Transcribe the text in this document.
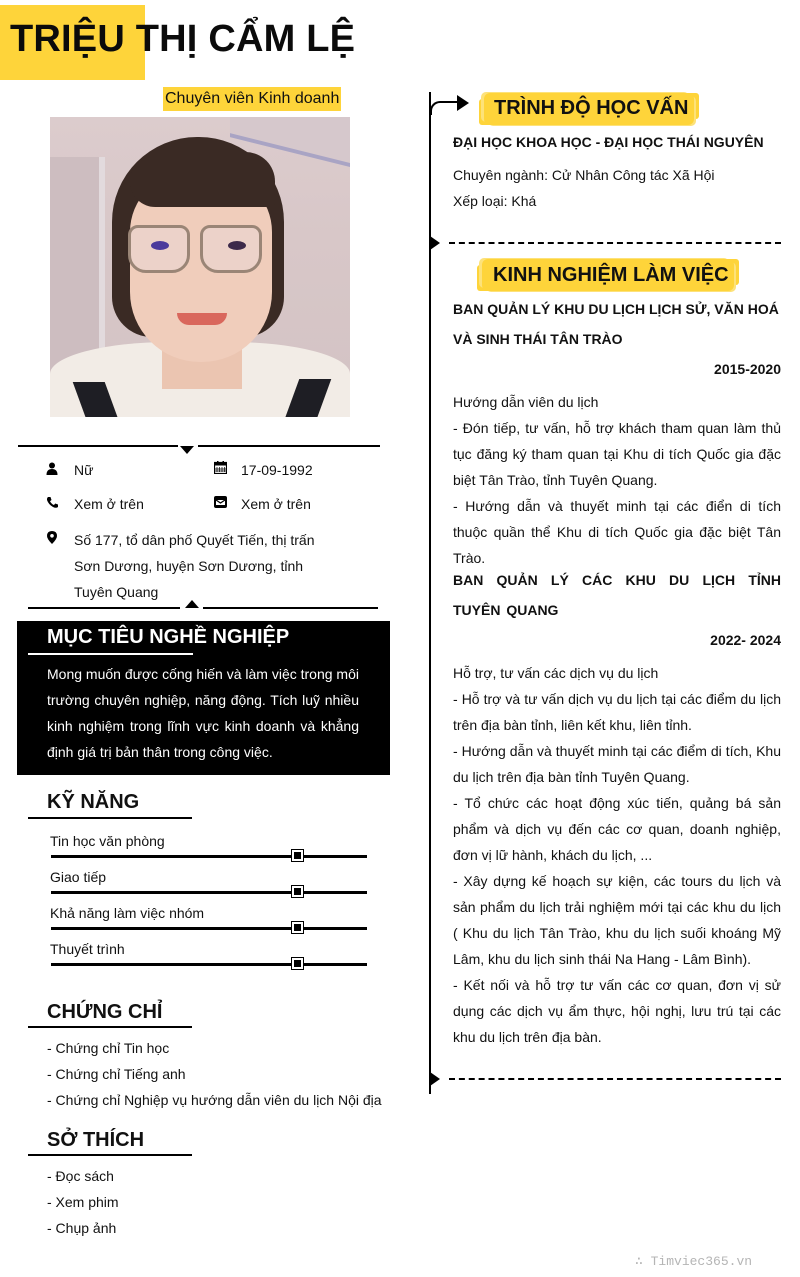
TRIỆU THỊ CẨM LỆ
Chuyên viên Kinh doanh
Nữ	17-09-1992
Xem ở trên	Xem ở trên
Số 177, tổ dân phố Quyết Tiến, thị trấn Sơn Dương, huyện Sơn Dương, tỉnh Tuyên Quang
MỤC TIÊU NGHỀ NGHIỆP
Mong muốn được cống hiến và làm việc trong môi trường chuyên nghiệp, năng động. Tích luỹ nhiều kinh nghiệm trong lĩnh vực kinh doanh và khẳng định giá trị bản thân trong công việc.
KỸ NĂNG
Tin học văn phòng
Giao tiếp
Khả năng làm việc nhóm
Thuyết trình
CHỨNG CHỈ
- Chứng chỉ Tin học
- Chứng chỉ Tiếng anh
- Chứng chỉ Nghiệp vụ hướng dẫn viên du lịch Nội địa
SỞ THÍCH
- Đọc sách
- Xem phim
- Chụp ảnh
TRÌNH ĐỘ HỌC VẤN
ĐẠI HỌC KHOA HỌC - ĐẠI HỌC THÁI NGUYÊN
Chuyên ngành: Cử Nhân Công tác Xã Hội
Xếp loại: Khá
KINH NGHIỆM LÀM VIỆC
BAN QUẢN LÝ KHU DU LỊCH LỊCH SỬ, VĂN HOÁ VÀ SINH THÁI TÂN TRÀO
2015-2020
Hướng dẫn viên du lịch
- Đón tiếp, tư vấn, hỗ trợ khách tham quan làm thủ tục đăng ký tham quan tại Khu di tích Quốc gia đặc biệt Tân Trào, tỉnh Tuyên Quang.
- Hướng dẫn và thuyết minh tại các điển di tích thuộc quần thể Khu di tích Quốc gia đặc biệt Tân Trào.
BAN QUẢN LÝ CÁC KHU DU LỊCH TỈNH TUYÊN QUANG
2022- 2024
Hỗ trợ, tư vấn các dịch vụ du lịch
- Hỗ trợ và tư vấn dịch vụ du lịch tại các điểm du lịch trên địa bàn tỉnh, liên kết khu, liên tỉnh.
- Hướng dẫn và thuyết minh tại các điểm di tích, Khu du lịch trên địa bàn tỉnh Tuyên Quang.
- Tổ chức các hoạt động xúc tiến, quảng bá sản phẩm và dịch vụ đến các cơ quan, doanh nghiệp, đơn vị lữ hành, khách du lịch, ...
- Xây dựng kế hoạch sự kiện, các tours du lịch và sản phẩm du lịch trải nghiệm mới tại các khu du lịch ( Khu du lịch Tân Trào, khu du lịch suối khoáng Mỹ Lâm, khu du lịch sinh thái Na Hang - Lâm Bình).
- Kết nối và hỗ trợ tư vấn các cơ quan, đơn vị sử dụng các dịch vụ ẩm thực, hội nghị, lưu trú tại các khu du lịch trên địa bàn.
∴ Timviec365.vn
